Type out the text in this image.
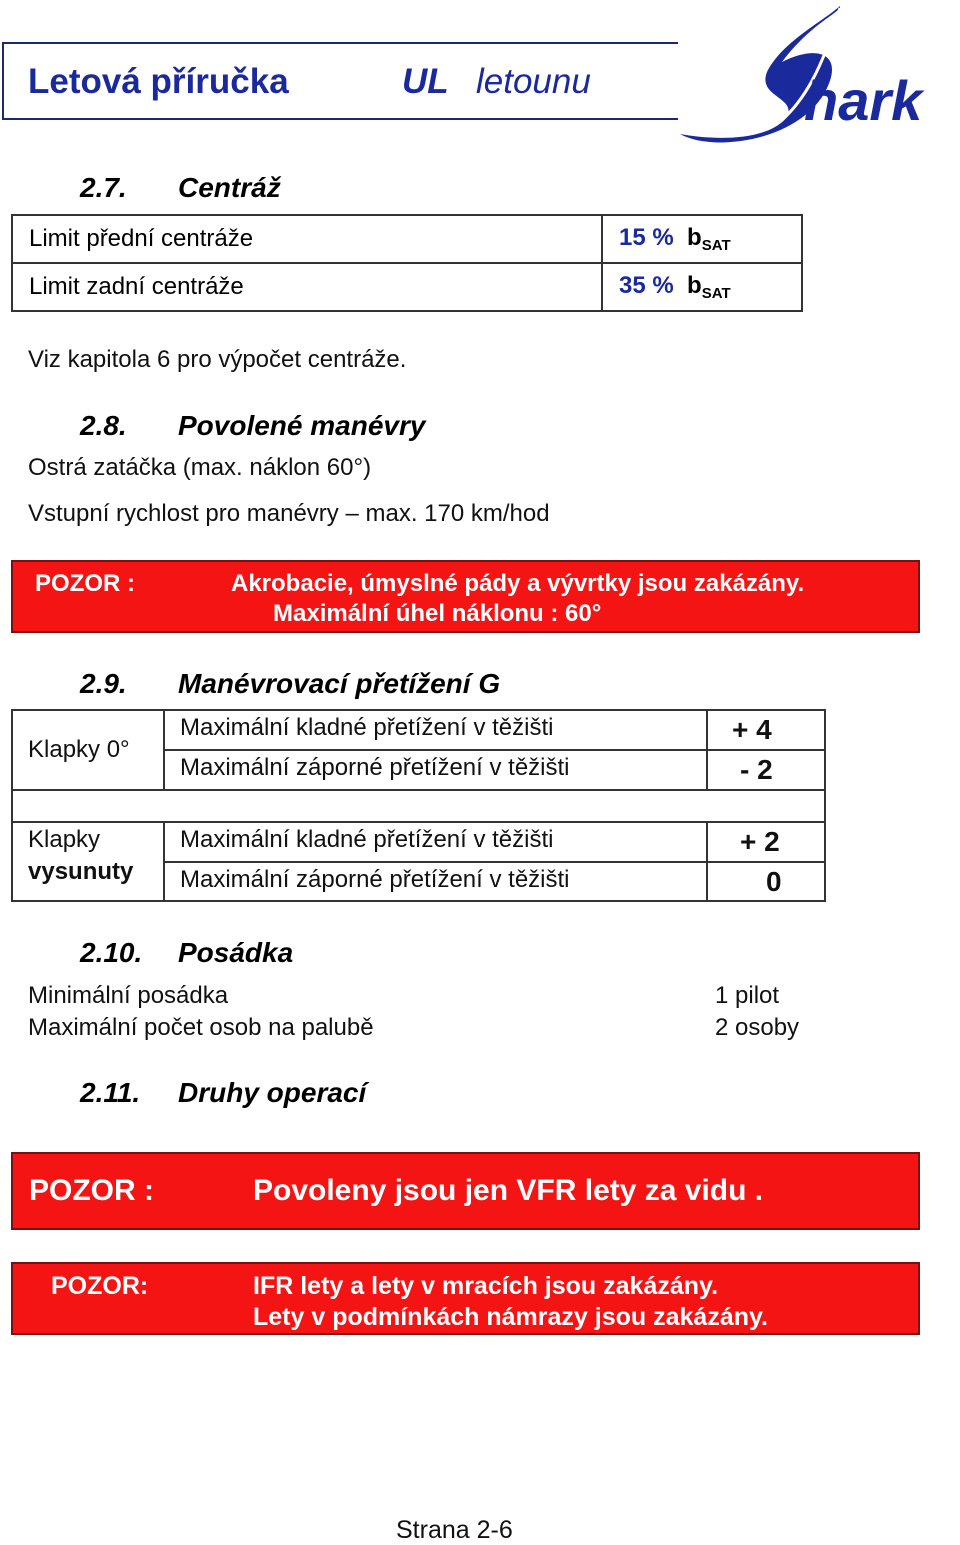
Letová příručka	UL letounu	hark
2.7. Centráž
Limit přední centráže	15 % $b_{SAT}$
Limit zadní centráže	35 % $b_{SAT}$
Viz kapitola 6 pro výpočet centráže.
2.8. Povolené manévry
Ostrá zatáčka (max. náklon 60°)
Vstupní rychlost pro manévry – max. 170 km/hod
POZOR :	Akrobacie, úmyslné pády a vývrtky jsou zakázány.
Maximální úhel náklonu : 60°
2.9. Manévrovací přetížení G
Klapky 0°
Maximální kladné přetížení v těžišti	+ 4
Maximální záporné přetížení v těžišti	- 2
Klapky
vysunuty
Maximální kladné přetížení v těžišti	+ 2
Maximální záporné přetížení v těžišti	0
2.10. Posádka
Minimální posádka	1 pilot
Maximální počet osob na palubě	2 osoby
2.11. Druhy operací
POZOR :	Povoleny jsou jen VFR lety za vidu .
POZOR:	IFR lety a lety v mracích jsou zakázány.
Lety v podmínkách námrazy jsou zakázány.
Strana 2-6
